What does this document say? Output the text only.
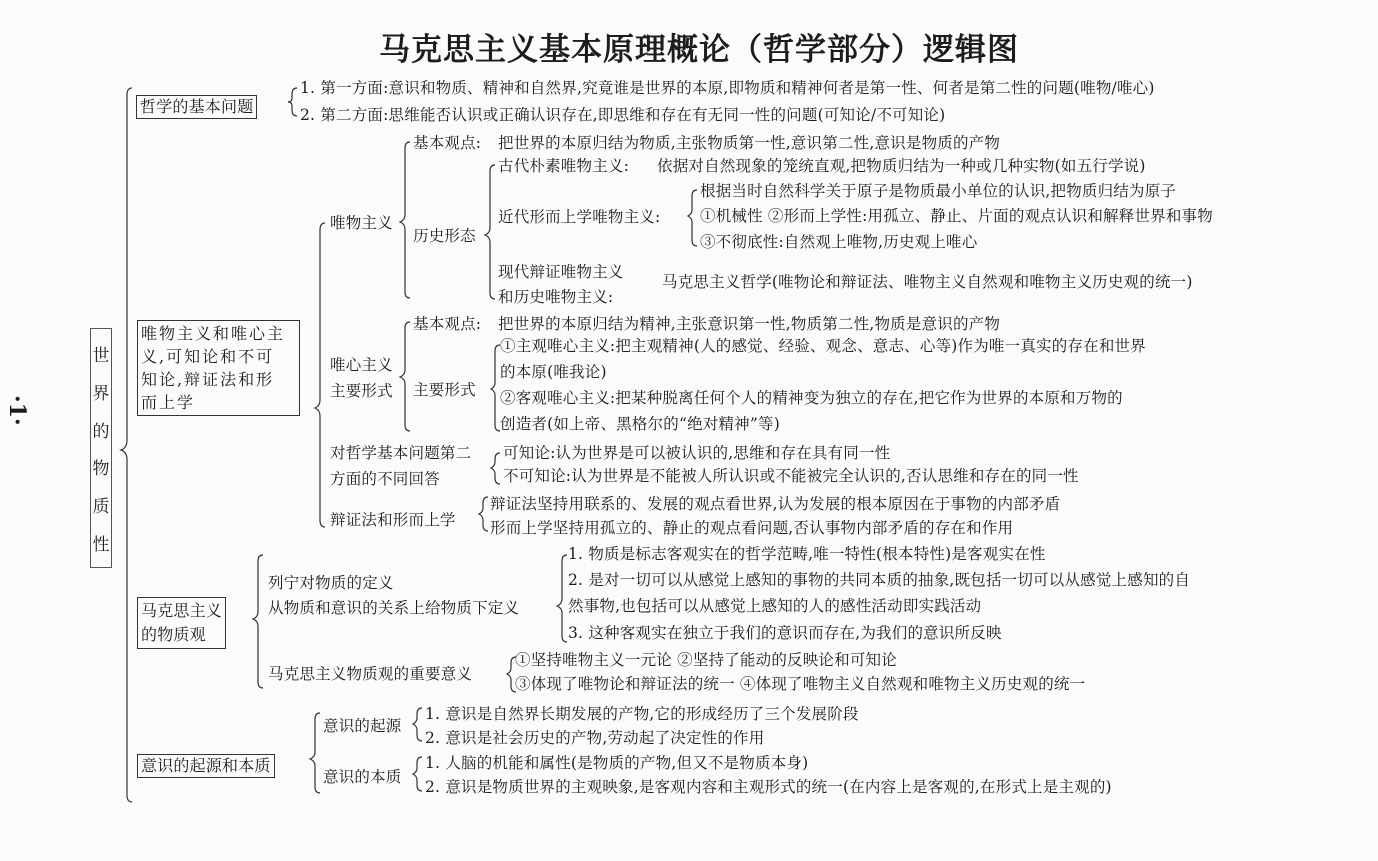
马克思主义基本原理概论（哲学部分）逻辑图
·1·
世
界
的
物
质
性
哲学的基本问题
1. 第一方面:意识和物质、精神和自然界,究竟谁是世界的本原,即物质和精神何者是第一性、何者是第二性的问题(唯物/唯心)
2. 第二方面:思维能否认识或正确认识存在,即思维和存在有无同一性的问题(可知论/不可知论)
唯物主义和唯心主
义,可知论和不可
知论,辩证法和形
而上学
唯物主义
基本观点: 把世界的本原归结为物质,主张物质第一性,意识第二性,意识是物质的产物
历史形态
古代朴素唯物主义: 依据对自然现象的笼统直观,把物质归结为一种或几种实物(如五行学说)
近代形而上学唯物主义:
根据当时自然科学关于原子是物质最小单位的认识,把物质归结为原子
①机械性 ②形而上学性:用孤立、静止、片面的观点认识和解释世界和事物
③不彻底性:自然观上唯物,历史观上唯心
现代辩证唯物主义
和历史唯物主义:
马克思主义哲学(唯物论和辩证法、唯物主义自然观和唯物主义历史观的统一)
唯心主义
主要形式
基本观点: 把世界的本原归结为精神,主张意识第一性,物质第二性,物质是意识的产物
主要形式
①主观唯心主义:把主观精神(人的感觉、经验、观念、意志、心等)作为唯一真实的存在和世界
的本原(唯我论)
②客观唯心主义:把某种脱离任何个人的精神变为独立的存在,把它作为世界的本原和万物的
创造者(如上帝、黑格尔的“绝对精神”等)
对哲学基本问题第二
方面的不同回答
可知论:认为世界是可以被认识的,思维和存在具有同一性
不可知论:认为世界是不能被人所认识或不能被完全认识的,否认思维和存在的同一性
辩证法和形而上学
辩证法坚持用联系的、发展的观点看世界,认为发展的根本原因在于事物的内部矛盾
形而上学坚持用孤立的、静止的观点看问题,否认事物内部矛盾的存在和作用
马克思主义
的物质观
列宁对物质的定义
从物质和意识的关系上给物质下定义
1. 物质是标志客观实在的哲学范畴,唯一特性(根本特性)是客观实在性
2. 是对一切可以从感觉上感知的事物的共同本质的抽象,既包括一切可以从感觉上感知的自
然事物,也包括可以从感觉上感知的人的感性活动即实践活动
3. 这种客观实在独立于我们的意识而存在,为我们的意识所反映
马克思主义物质观的重要意义
①坚持唯物主义一元论 ②坚持了能动的反映论和可知论
③体现了唯物论和辩证法的统一 ④体现了唯物主义自然观和唯物主义历史观的统一
意识的起源和本质
意识的起源
1. 意识是自然界长期发展的产物,它的形成经历了三个发展阶段
2. 意识是社会历史的产物,劳动起了决定性的作用
意识的本质
1. 人脑的机能和属性(是物质的产物,但又不是物质本身)
2. 意识是物质世界的主观映象,是客观内容和主观形式的统一(在内容上是客观的,在形式上是主观的)
